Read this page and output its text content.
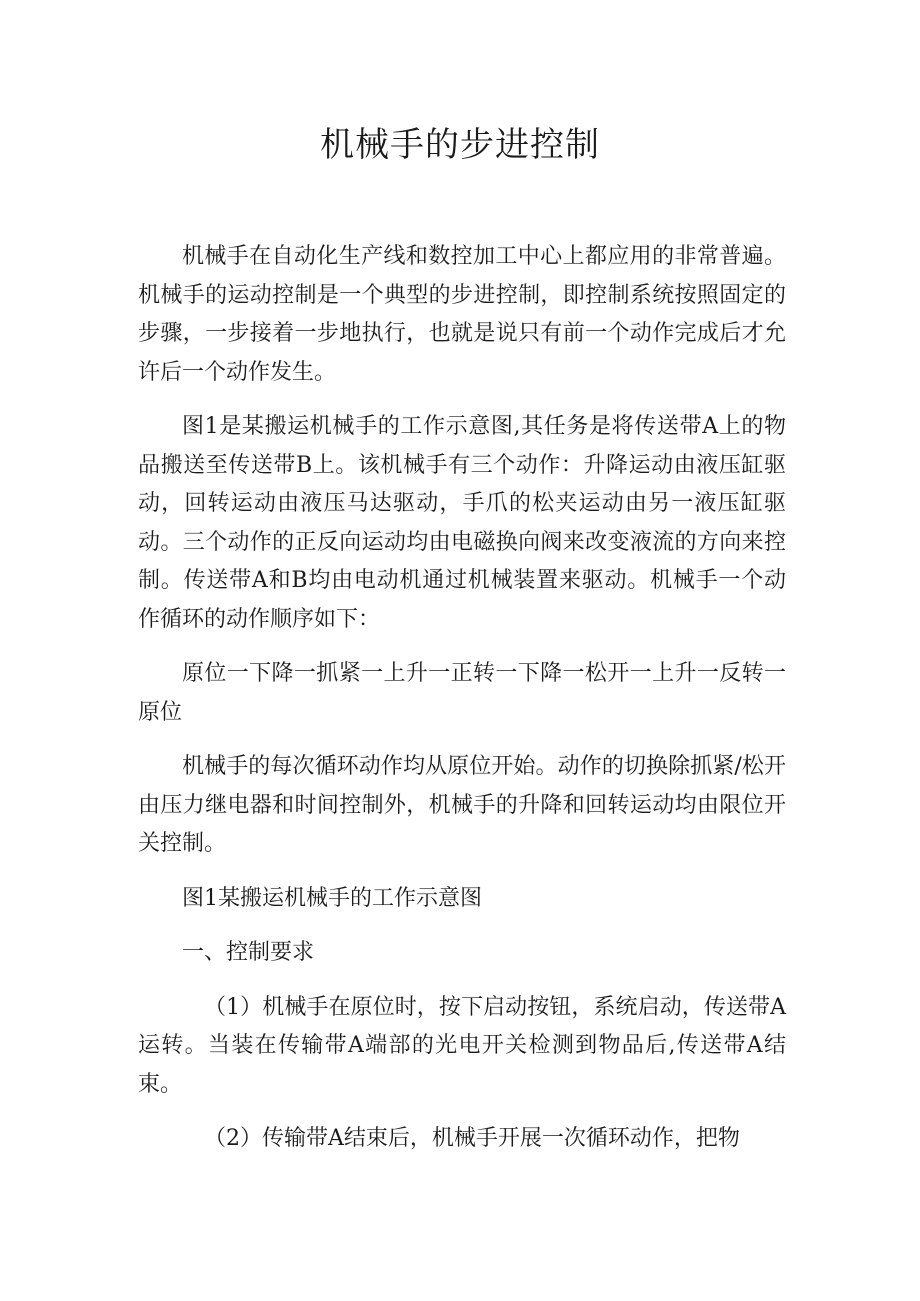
机械手的步进控制

机械手在自动化生产线和数控加工中心上都应用的非常普遍。机械手的运动控制是一个典型的步进控制，即控制系统按照固定的步骤，一步接着一步地执行，也就是说只有前一个动作完成后才允许后一个动作发生。

图1是某搬运机械手的工作示意图,其任务是将传送带A上的物品搬送至传送带B上。该机械手有三个动作：升降运动由液压缸驱动，回转运动由液压马达驱动，手爪的松夹运动由另一液压缸驱动。三个动作的正反向运动均由电磁换向阀来改变液流的方向来控制。传送带A和B均由电动机通过机械装置来驱动。机械手一个动作循环的动作顺序如下：

原位一下降一抓紧一上升一正转一下降一松开一上升一反转一原位

机械手的每次循环动作均从原位开始。动作的切换除抓紧/松开由压力继电器和时间控制外，机械手的升降和回转运动均由限位开关控制。

图1某搬运机械手的工作示意图

一、控制要求

（1）机械手在原位时，按下启动按钮，系统启动，传送带A运转。当装在传输带A端部的光电开关检测到物品后,传送带A结束。

（2）传输带A结束后，机械手开展一次循环动作，把物
